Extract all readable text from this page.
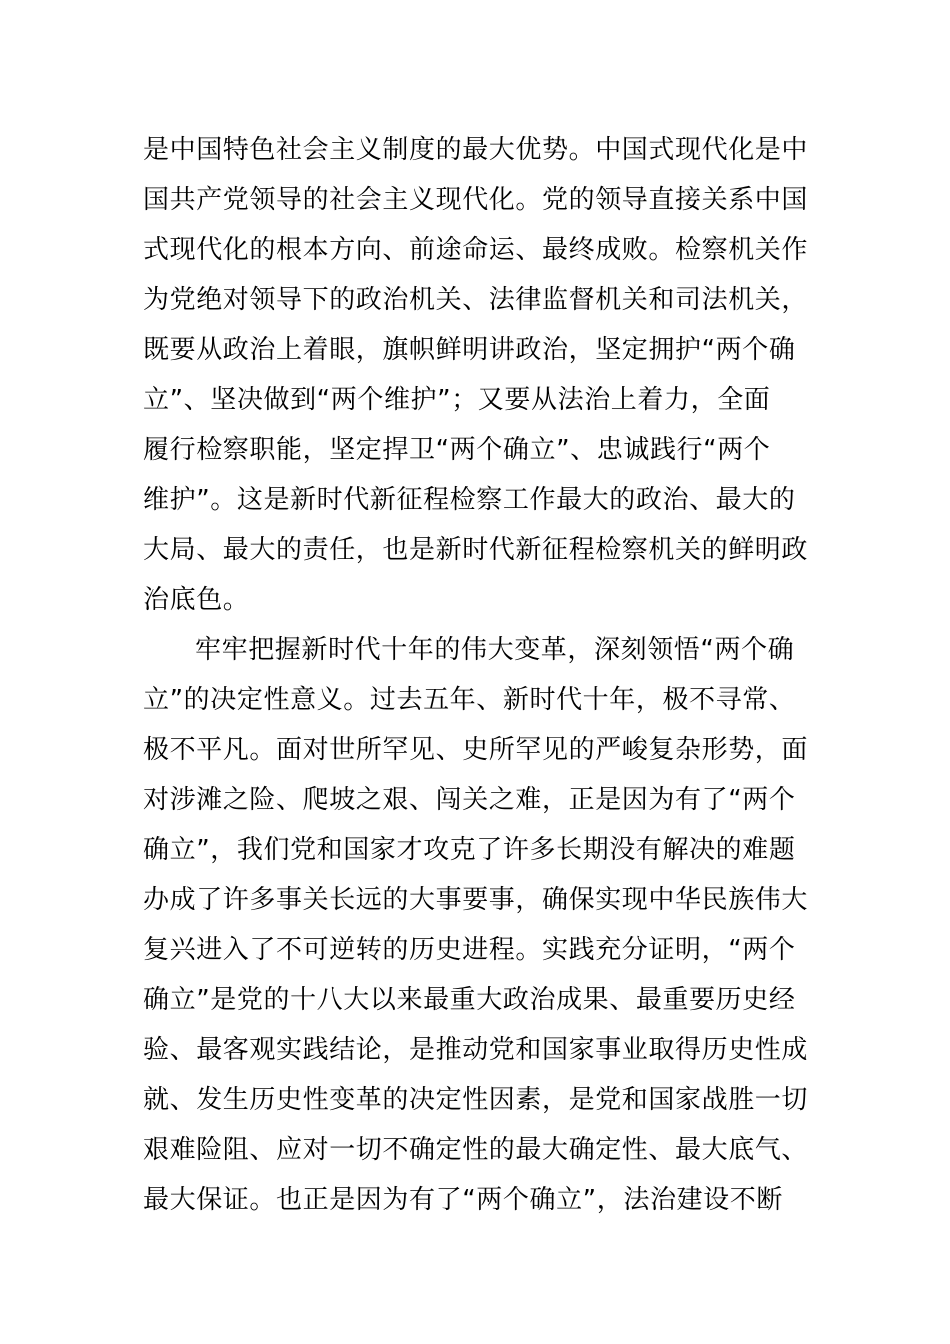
是中国特色社会主义制度的最大优势。中国式现代化是中
国共产党领导的社会主义现代化。党的领导直接关系中国
式现代化的根本方向、前途命运、最终成败。检察机关作
为党绝对领导下的政治机关、法律监督机关和司法机关，
既要从政治上着眼，旗帜鲜明讲政治，坚定拥护“两个确
立”、坚决做到“两个维护”；又要从法治上着力，全面
履行检察职能，坚定捍卫“两个确立”、忠诚践行“两个
维护”。这是新时代新征程检察工作最大的政治、最大的
大局、最大的责任，也是新时代新征程检察机关的鲜明政
治底色。
牢牢把握新时代十年的伟大变革，深刻领悟“两个确
立”的决定性意义。过去五年、新时代十年，极不寻常、
极不平凡。面对世所罕见、史所罕见的严峻复杂形势，面
对涉滩之险、爬坡之艰、闯关之难，正是因为有了“两个
确立”，我们党和国家才攻克了许多长期没有解决的难题
办成了许多事关长远的大事要事，确保实现中华民族伟大
复兴进入了不可逆转的历史进程。实践充分证明，“两个
确立”是党的十八大以来最重大政治成果、最重要历史经
验、最客观实践结论，是推动党和国家事业取得历史性成
就、发生历史性变革的决定性因素，是党和国家战胜一切
艰难险阻、应对一切不确定性的最大确定性、最大底气、
最大保证。也正是因为有了“两个确立”，法治建设不断
